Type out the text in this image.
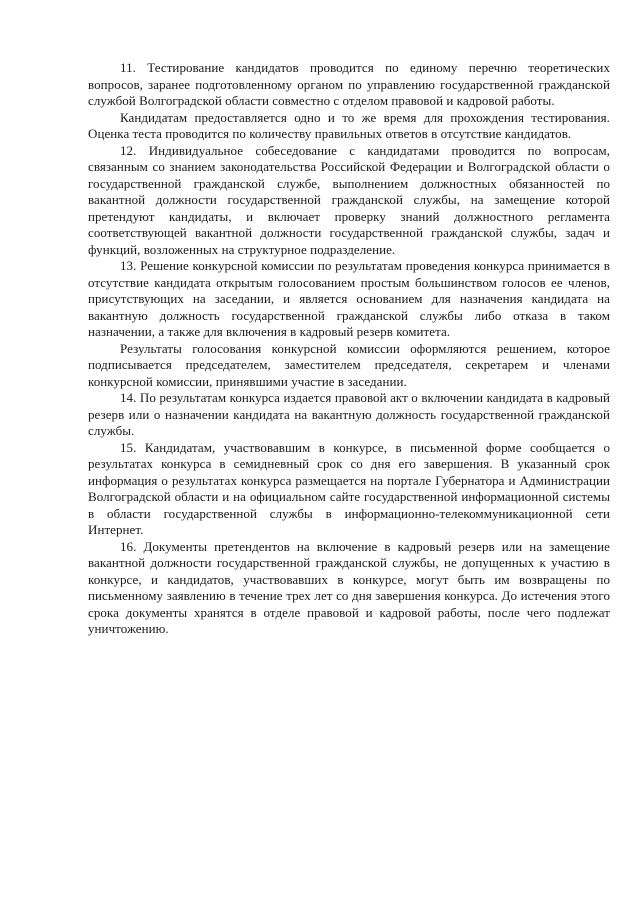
11. Тестирование кандидатов проводится по единому перечню теоретических вопросов, заранее подготовленному органом по управлению государственной гражданской службой Волгоградской области совместно с отделом правовой и кадровой работы.

Кандидатам предоставляется одно и то же время для прохождения тестирования. Оценка теста проводится по количеству правильных ответов в отсутствие кандидатов.

12. Индивидуальное собеседование с кандидатами проводится по вопросам, связанным со знанием законодательства Российской Федерации и Волгоградской области о государственной гражданской службе, выполнением должностных обязанностей по вакантной должности государственной гражданской службы, на замещение которой претендуют кандидаты, и включает проверку знаний должностного регламента соответствующей вакантной должности государственной гражданской службы, задач и функций, возложенных на структурное подразделение.

13. Решение конкурсной комиссии по результатам проведения конкурса принимается в отсутствие кандидата открытым голосованием простым большинством голосов ее членов, присутствующих на заседании, и является основанием для назначения кандидата на вакантную должность государственной гражданской службы либо отказа в таком назначении, а также для включения в кадровый резерв комитета.

Результаты голосования конкурсной комиссии оформляются решением, которое подписывается председателем, заместителем председателя, секретарем и членами конкурсной комиссии, принявшими участие в заседании.

14. По результатам конкурса издается правовой акт о включении кандидата в кадровый резерв или о назначении кандидата на вакантную должность государственной гражданской службы.

15. Кандидатам, участвовавшим в конкурсе, в письменной форме сообщается о результатах конкурса в семидневный срок со дня его завершения. В указанный срок информация о результатах конкурса размещается на портале Губернатора и Администрации Волгоградской области и на официальном сайте государственной информационной системы в области государственной службы в информационно-телекоммуникационной сети Интернет.

16. Документы претендентов на включение в кадровый резерв или на замещение вакантной должности государственной гражданской службы, не допущенных к участию в конкурсе, и кандидатов, участвовавших в конкурсе, могут быть им возвращены по письменному заявлению в течение трех лет со дня завершения конкурса. До истечения этого срока документы хранятся в отделе правовой и кадровой работы, после чего подлежат уничтожению.
